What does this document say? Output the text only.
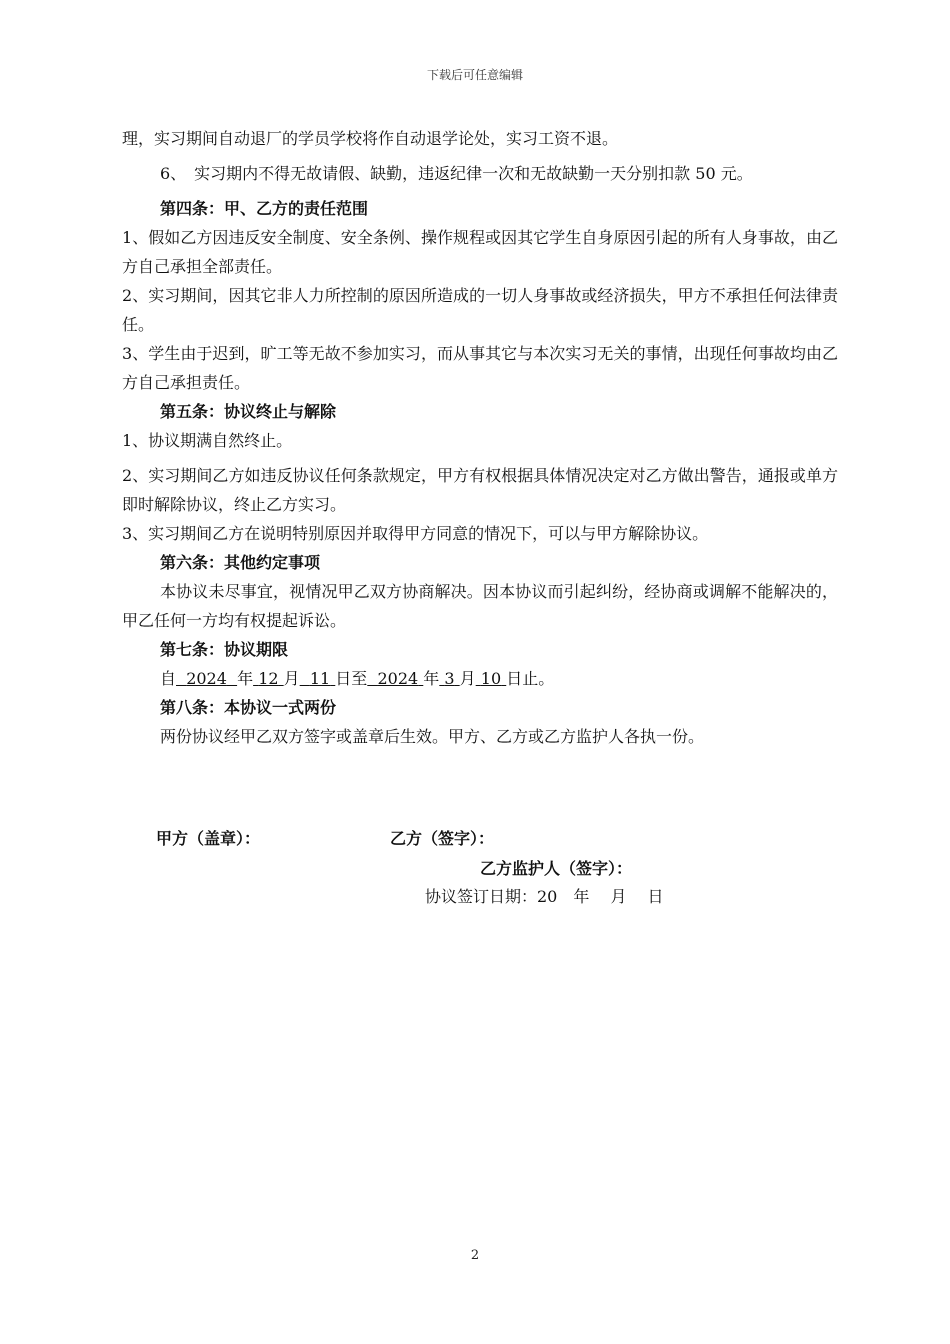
下载后可任意编辑

理，实习期间自动退厂的学员学校将作自动退学论处，实习工资不退。

6、　实习期内不得无故请假、缺勤，违返纪律一次和无故缺勤一天分别扣款 50 元。

第四条：甲、乙方的责任范围

1、假如乙方因违反安全制度、安全条例、操作规程或因其它学生自身原因引起的所有人身事故，由乙方自己承担全部责任。

2、实习期间，因其它非人力所控制的原因所造成的一切人身事故或经济损失，甲方不承担任何法律责任。

3、学生由于迟到，旷工等无故不参加实习，而从事其它与本次实习无关的事情，出现任何事故均由乙方自己承担责任。

第五条：协议终止与解除

1、协议期满自然终止。

2、实习期间乙方如违反协议任何条款规定，甲方有权根据具体情况决定对乙方做出警告，通报或单方即时解除协议，终止乙方实习。

3、实习期间乙方在说明特别原因并取得甲方同意的情况下，可以与甲方解除协议。

第六条：其他约定事项

本协议未尽事宜，视情况甲乙双方协商解决。因本协议而引起纠纷，经协商或调解不能解决的，甲乙任何一方均有权提起诉讼。

第七条：协议期限

自 2024 年 12 月 11 日至 2024 年 3 月 10 日止。

第八条：本协议一式两份

两份协议经甲乙双方签字或盖章后生效。甲方、乙方或乙方监护人各执一份。

甲方（盖章）：	乙方（签字）：
乙方监护人（签字）：
协议签订日期：20　年　 月　 日
2
